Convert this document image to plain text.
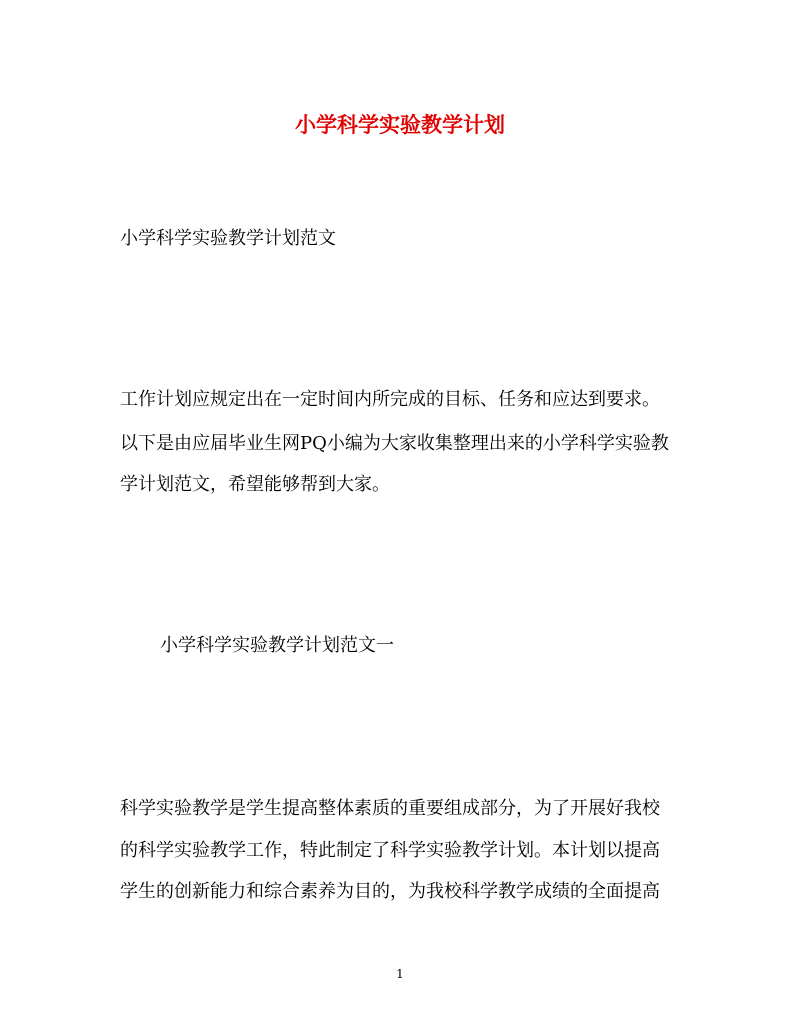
小学科学实验教学计划
小学科学实验教学计划范文
工作计划应规定出在一定时间内所完成的目标、任务和应达到要求。
以下是由应届毕业生网PQ小编为大家收集整理出来的小学科学实验教
学计划范文，希望能够帮到大家。
小学科学实验教学计划范文一
科学实验教学是学生提高整体素质的重要组成部分，为了开展好我校
的科学实验教学工作，特此制定了科学实验教学计划。本计划以提高
学生的创新能力和综合素养为目的，为我校科学教学成绩的全面提高
1
